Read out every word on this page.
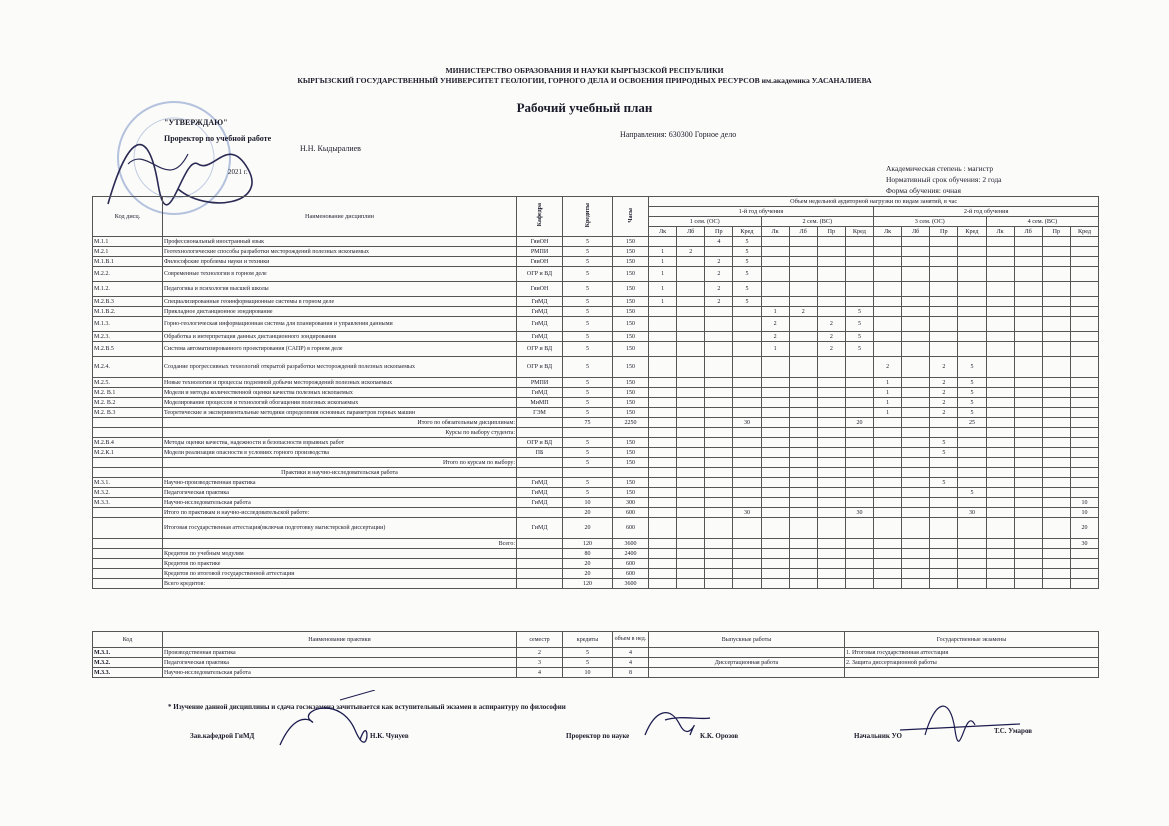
МИНИСТЕРСТВО ОБРАЗОВАНИЯ И НАУКИ КЫРГЫЗСКОЙ РЕСПУБЛИКИ
КЫРГЫЗСКИЙ ГОСУДАРСТВЕННЫЙ УНИВЕРСИТЕТ ГЕОЛОГИИ, ГОРНОГО ДЕЛА И ОСВОЕНИЯ ПРИРОДНЫХ РЕСУРСОВ им.академика У.АСАНАЛИЕВА
Рабочий учебный план
"УТВЕРЖДАЮ"
Проректор по учебной работе
Н.Н. Кыдыралиев
2021 г.
Направления: 630300 Горное дело
Академическая степень : магистр
Нормативный срок обучения: 2 года
Форма обучения: очная
Код дисц.	Наименование дисциплин	Кафедра	Кредиты	Часы	Объем недельной аудиторной нагрузки по видам занятий, в час															
					1-й год обучения								2-й год обучения							
					1 сем. (ОС)				2 сем. (ВС)				3 сем. (ОС)				4 сем. (ВС)			
					Лк	Лб	Пр	Кред	Лк	Лб	Пр	Кред	Лк	Лб	Пр	Кред	Лк	Лб	Пр	Кред
М.1.1	Профессиональный иностранный язык	ГяиОН	5	150			4	5												
М.2.1	Геотехнологические способы разработки месторождений полезных ископаемых	РМПИ	5	150	1	2		5												
М.1.В.1	Философские проблемы науки и техники	ГяиОН	5	150	1		2	5												
М.2.2.	Современные технологии в горном деле	ОГР и ВД	5	150	1		2	5												
М.1.2.	Педагогика и психология высшей школы	ГяиОН	5	150	1		2	5												
М.2.В.3	Специализированные геоинформационные системы в горном деле	ГиМД	5	150	1		2	5												
М.1.В.2.	Прикладное дистанционное зондирование	ГиМД	5	150					1	2		5								
М.1.3.	Горно-геологическая информационная система для планирования и управления данными	ГиМД	5	150					2		2	5								
М.2.3.	Обработка и интерпретация данных дистанционного зондирования	ГиМД	5	150					2		2	5								
М.2.В.5	Система автоматизированного проектирования (САПР) в горном деле	ОГР и ВД	5	150					1		2	5								
М.2.4.	Создание прогрессивных технологий открытой разработки месторождений полезных ископаемых	ОГР и ВД	5	150									2		2	5				
М.2.5.	Новые технологии и процессы подземной добычи месторождений полезных ископаемых	РМПИ	5	150									1		2	5				
М.2. В.1	Модели и методы количественной оценки качества полезных ископаемых	ГиМД	5	150									1		2	5				
М.2. В.2	Моделирование процессов и технологий обогащения полезных ископаемых	МиМП	5	150									1		2	5				
М.2. В.3	Теоретические и экспериментальные методики определения основных параметров горных машин	ГЭМ	5	150									1		2	5				
	Итого по обязательным дисциплинам:		75	2250				30				20				25				
	Курсы по выбору студента:																			
М.2.В.4	Методы оценки качества, надежности и безопасности взрывных работ	ОГР и ВД	5	150											5					
М.2.К.1	Модели реализации опасности в условиях горного производства	ПБ	5	150											5					
	Итого по курсам по выбору:		5	150																
	Практики и научно-исследовательская работа																			
М.3.1.	Научно-производственная практика	ГиМД	5	150											5					
М.3.2.	Педагогическая практика	ГиМД	5	150												5				
М.3.3.	Научно-исследовательская работа	ГиМД	10	300																10
	Итого по практикам и научно-исследовательской работе:		20	600				30				30				30				10
	Итоговая государственная аттестация(включая подготовку магистерской диссертации)	ГиМД	20	600																20
	Всего:		120	3600																30
	Кредитов по учебным модулям		80	2400																
	Кредитов по практике		20	600																
	Кредитов по итоговой государственной аттестации		20	600																
	Всего кредитов:		120	3600																
Код	Наименование практики	семестр	кредиты	объем в нед.	Выпускные работы	Государственные экзамены
М.3.1.	Производственная практика	2	5	4		1. Итоговая государственная аттестация
М.3.2.	Педагогическая практика	3	5	4	Диссертационная работа	2. Защита диссертационной работы
М.3.3.	Научно-исследовательская работа	4	10	8		
* Изучение данной дисциплины и сдача госэкзамена зачитывается как вступительный экзамен в аспирантуру по философии
Зав.кафедрой ГиМД	Н.К. Чунуев	Проректор по науке	К.К. Орозов	Начальник УО
Т.С. Умаров
